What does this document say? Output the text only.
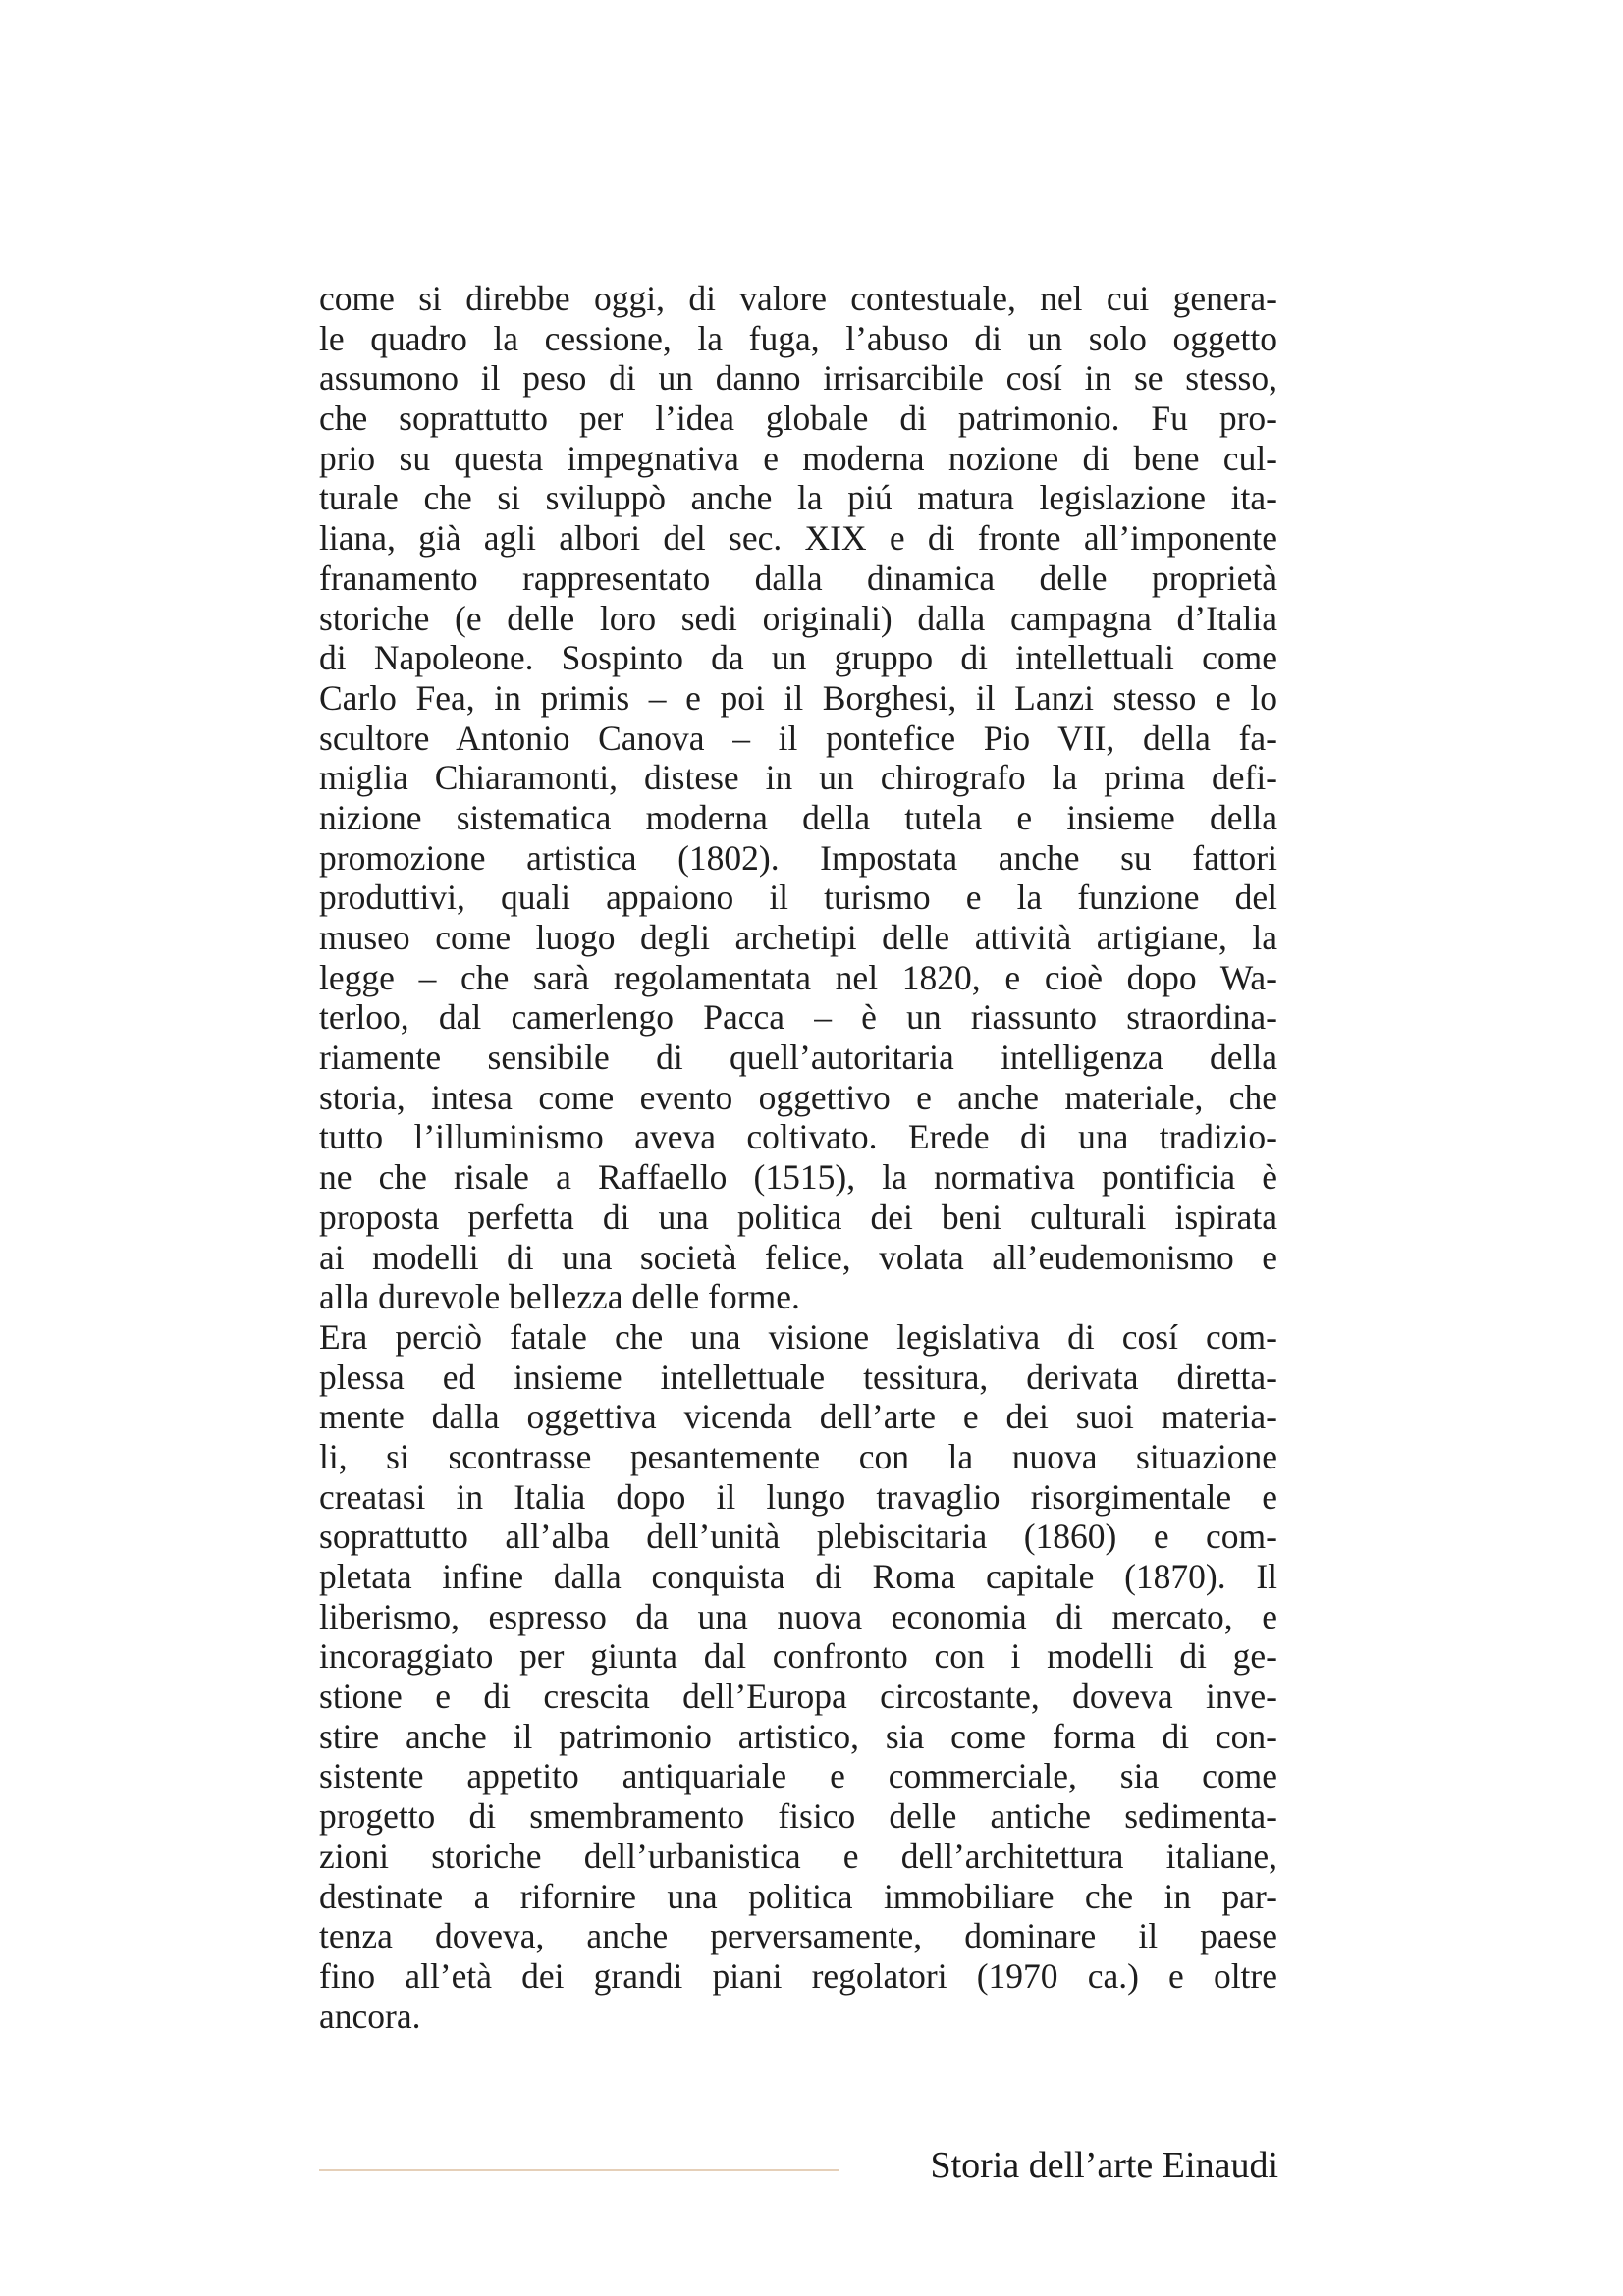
come si direbbe oggi, di valore contestuale, nel cui genera-
le quadro la cessione, la fuga, l’abuso di un solo oggetto
assumono il peso di un danno irrisarcibile cosí in se stesso,
che soprattutto per l’idea globale di patrimonio. Fu pro-
prio su questa impegnativa e moderna nozione di bene cul-
turale che si sviluppò anche la piú matura legislazione ita-
liana, già agli albori del sec. XIX e di fronte all’imponente
franamento rappresentato dalla dinamica delle proprietà
storiche (e delle loro sedi originali) dalla campagna d’Italia
di Napoleone. Sospinto da un gruppo di intellettuali come
Carlo Fea, in primis – e poi il Borghesi, il Lanzi stesso e lo
scultore Antonio Canova – il pontefice Pio VII, della fa-
miglia Chiaramonti, distese in un chirografo la prima defi-
nizione sistematica moderna della tutela e insieme della
promozione artistica (1802). Impostata anche su fattori
produttivi, quali appaiono il turismo e la funzione del
museo come luogo degli archetipi delle attività artigiane, la
legge – che sarà regolamentata nel 1820, e cioè dopo Wa-
terloo, dal camerlengo Pacca – è un riassunto straordina-
riamente sensibile di quell’autoritaria intelligenza della
storia, intesa come evento oggettivo e anche materiale, che
tutto l’illuminismo aveva coltivato. Erede di una tradizio-
ne che risale a Raffaello (1515), la normativa pontificia è
proposta perfetta di una politica dei beni culturali ispirata
ai modelli di una società felice, volata all’eudemonismo e
alla durevole bellezza delle forme.
Era perciò fatale che una visione legislativa di cosí com-
plessa ed insieme intellettuale tessitura, derivata diretta-
mente dalla oggettiva vicenda dell’arte e dei suoi materia-
li, si scontrasse pesantemente con la nuova situazione
creatasi in Italia dopo il lungo travaglio risorgimentale e
soprattutto all’alba dell’unità plebiscitaria (1860) e com-
pletata infine dalla conquista di Roma capitale (1870). Il
liberismo, espresso da una nuova economia di mercato, e
incoraggiato per giunta dal confronto con i modelli di ge-
stione e di crescita dell’Europa circostante, doveva inve-
stire anche il patrimonio artistico, sia come forma di con-
sistente appetito antiquariale e commerciale, sia come
progetto di smembramento fisico delle antiche sedimenta-
zioni storiche dell’urbanistica e dell’architettura italiane,
destinate a rifornire una politica immobiliare che in par-
tenza doveva, anche perversamente, dominare il paese
fino all’età dei grandi piani regolatori (1970 ca.) e oltre
ancora.
Storia dell’arte Einaudi
